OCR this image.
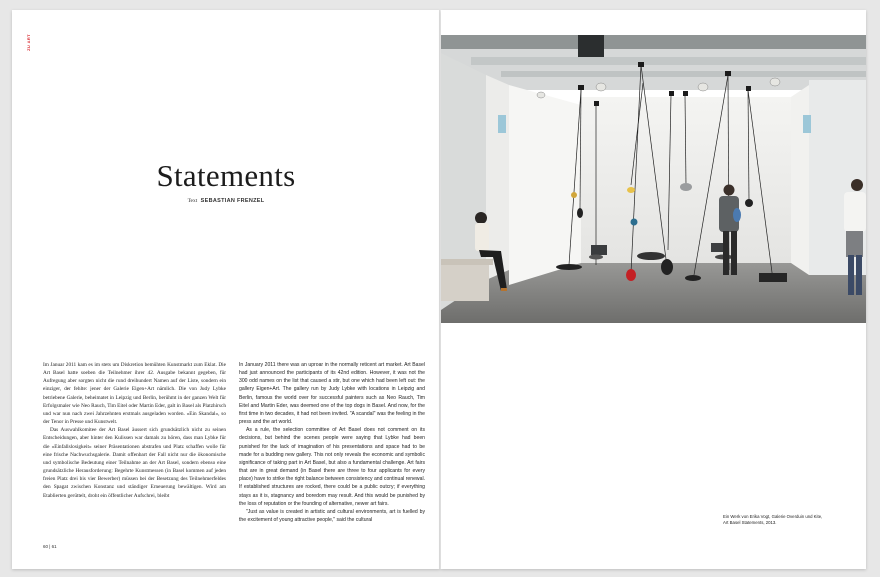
ZU ART
Statements
Text SEBASTIAN FRENZEL

Im Januar 2011 kam es im stets um Diskretion bemühten Kunstmarkt zum Eklat. Die Art Basel hatte soeben die Teilnehmer ihrer 42. Ausgabe bekannt gegeben, für Aufregung aber sorgten nicht die rund dreihundert Namen auf der Liste, sondern ein einziger, der fehlte: jener der Galerie Eigen+Art nämlich. Die von Judy Lybke betriebene Galerie, beheimatet in Leipzig und Berlin, berühmt in der ganzen Welt für Erfolgsmaler wie Neo Rauch, Tim Eitel oder Martin Eder, galt in Basel als Platzhirsch und war nun nach zwei Jahrzehnten erstmals ausgeladen worden. «Ein Skandal», so der Tenor in Presse und Kunstwelt.

Das Auswahlkomitee der Art Basel äussert sich grundsätzlich nicht zu seinen Entscheidungen, aber hinter den Kulissen war damals zu hören, dass man Lybke für die «Einfallslosigkeit» seiner Präsentationen abstrafen und Platz schaffen wolle für eine frische Nachwuchsgalerie. Damit offenbart der Fall nicht nur die ökonomische und symbolische Bedeutung einer Teilnahme an der Art Basel, sondern ebenso eine grundsätzliche Herausforderung: Begehrte Kunstmessen (in Basel kommen auf jeden freien Platz drei bis vier Bewerber) müssen bei der Besetzung des Teilnehmerfeldes den Spagat zwischen Konstanz und ständiger Erneuerung bewältigen. Wird am Etablierten gerüttelt, droht ein öffentlicher Aufschrei, bleibt

In January 2011 there was an uproar in the normally reticent art market. Art Basel had just announced the participants of its 42nd edition. However, it was not the 300 odd names on the list that caused a stir, but one which had been left out: the gallery Eigen+Art. The gallery run by Judy Lybke with locations in Leipzig and Berlin, famous the world over for successful painters such as Neo Rauch, Tim Eitel and Martin Eder, was deemed one of the top dogs in Basel. And now, for the first time in two decades, it had not been invited. "A scandal" was the feeling in the press and the art world.

As a rule, the selection committee of Art Basel does not comment on its decisions, but behind the scenes people were saying that Lybke had been punished for the lack of imagination of his presentations and space had to be made for a budding new gallery. This not only reveals the economic and symbolic significance of taking part in Art Basel, but also a fundamental challenge. Art fairs that are in great demand (in Basel there are three to four applicants for every place) have to strike the right balance between consistency and continual renewal. If established structures are rocked, there could be a public outcry; if everything stays as it is, stagnancy and boredom may result. And this would be punished by the loss of reputation or the founding of alternative, newer art fairs.

"Just as value is created in artistic and cultural environments, art is fuelled by the excitement of young attractive people," said the cultural

60 | 61
Ein Werk von Erika Vogt, Galerie Overduin und Kite,
Art Basel Statements, 2013.
